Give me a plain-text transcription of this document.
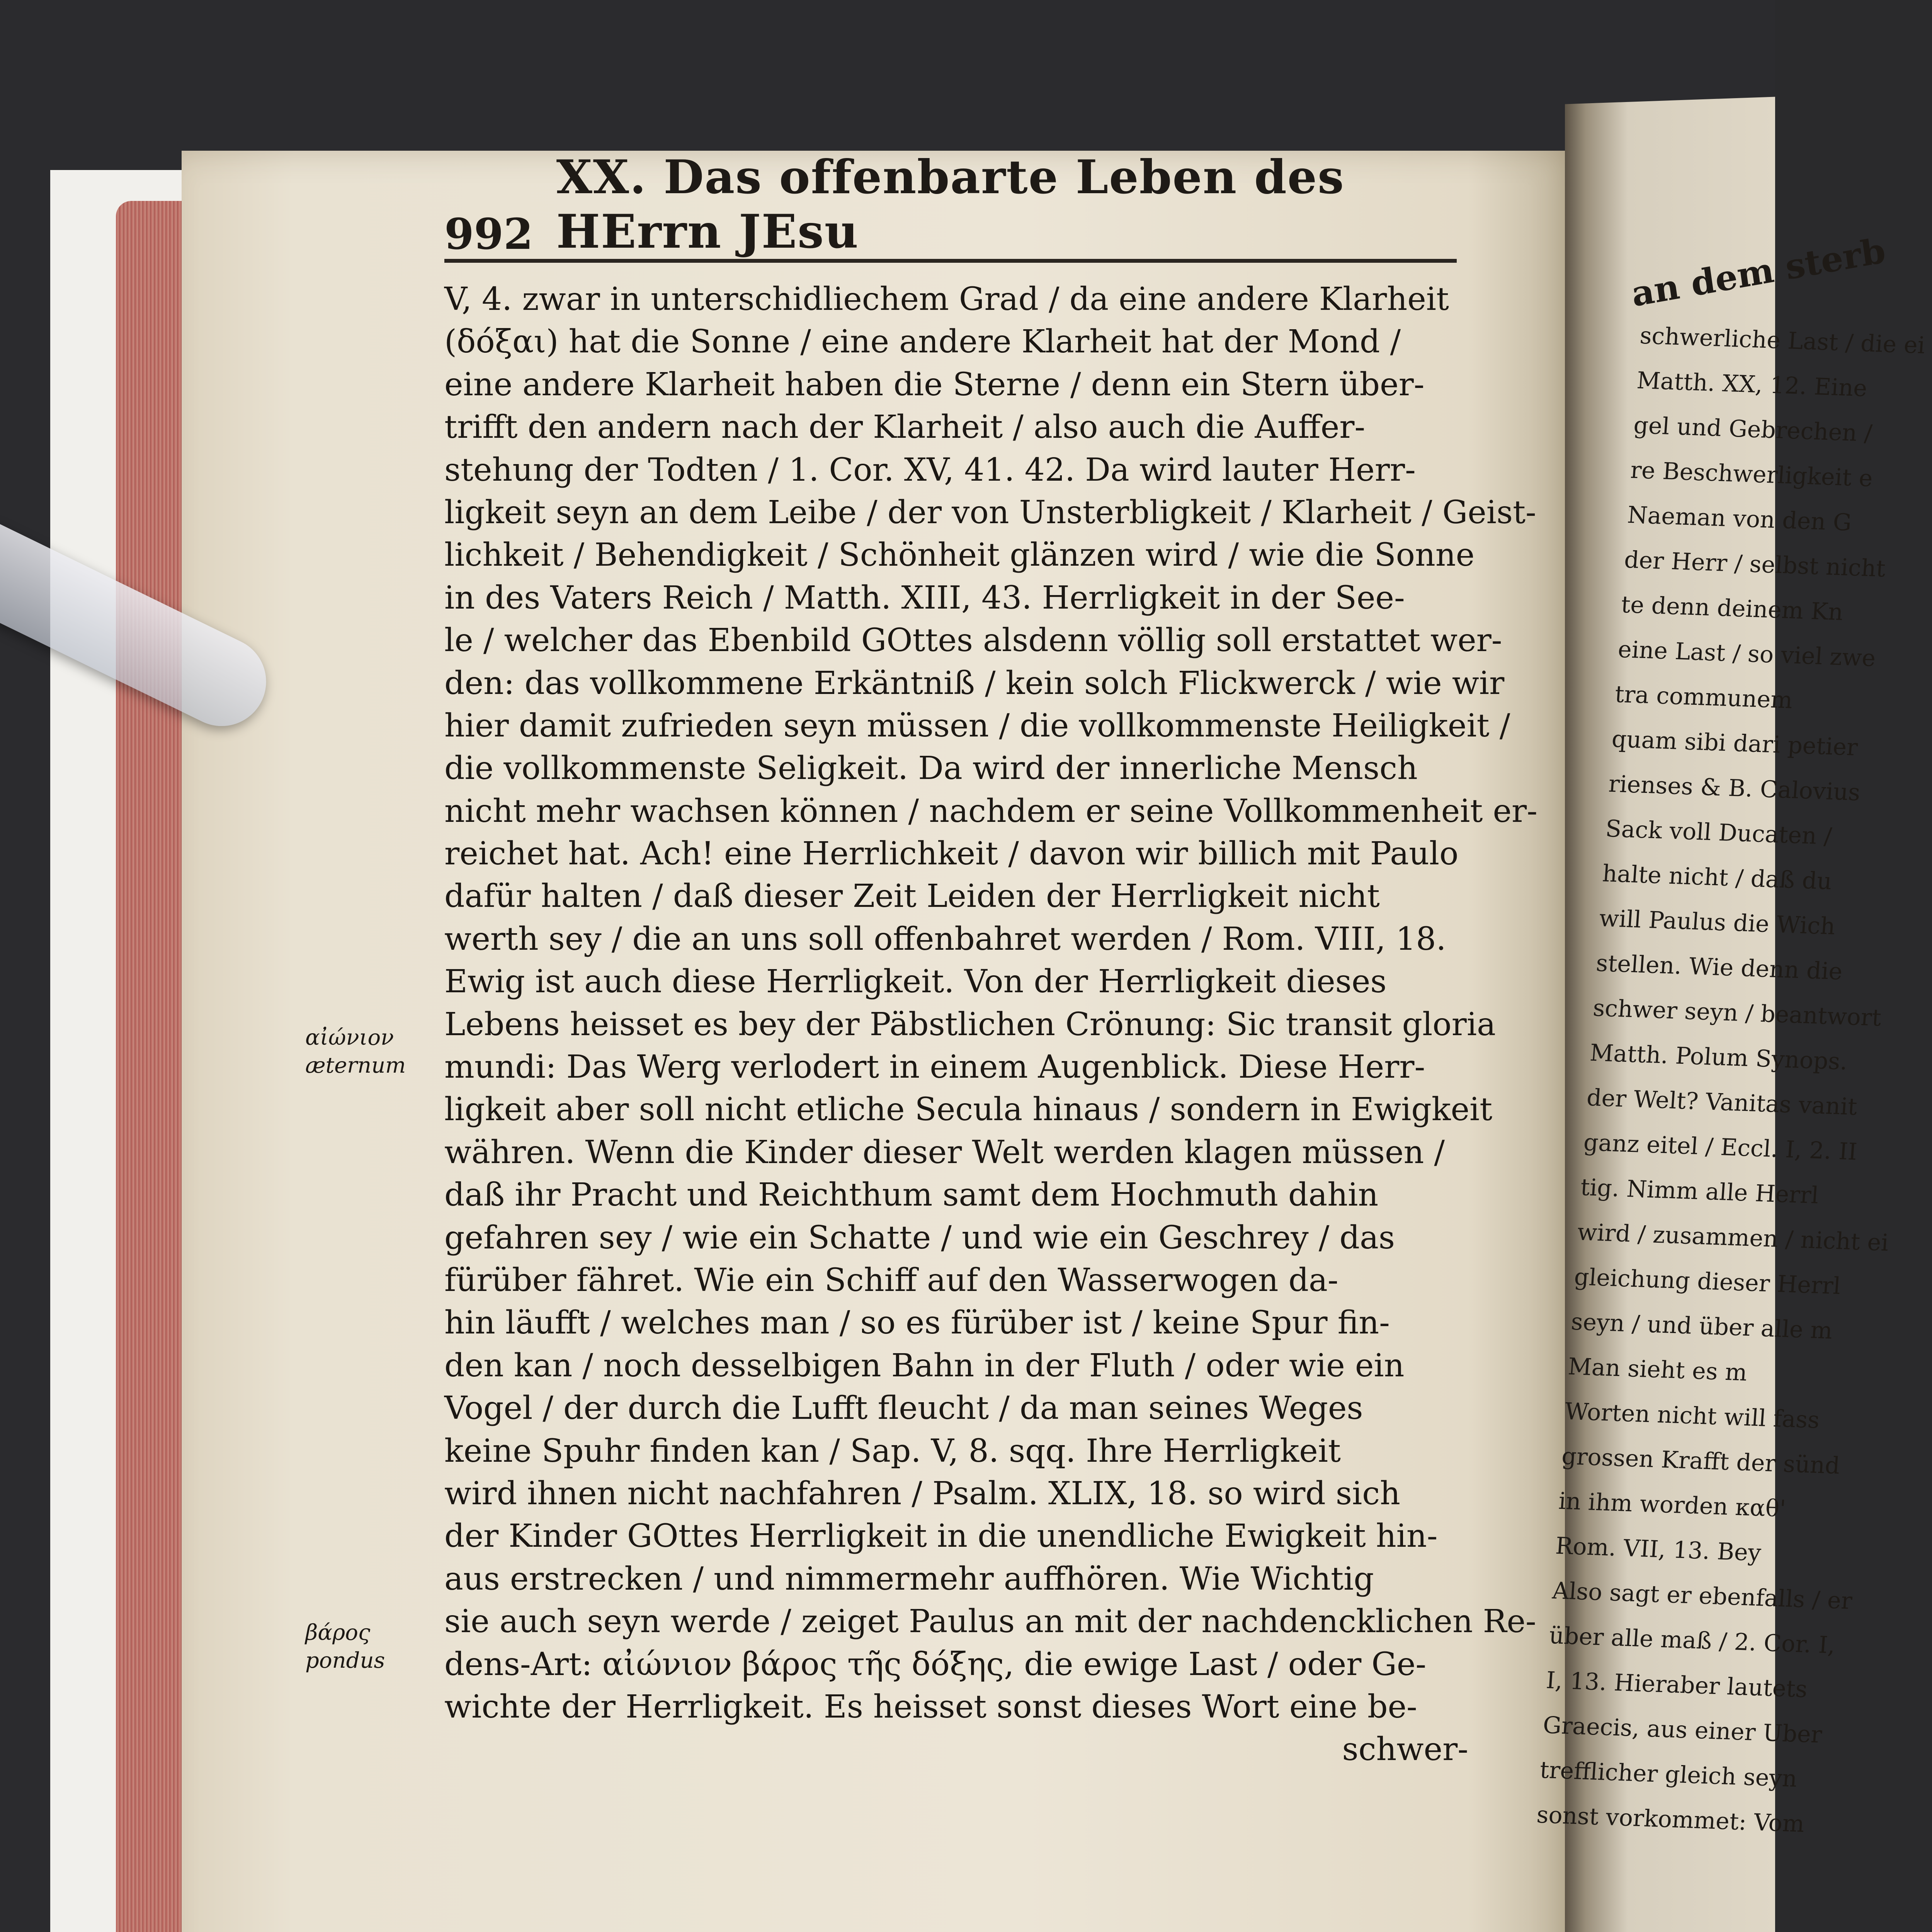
an dem sterb
schwerliche Last / die ei
Matth. XX, 12. Eine
gel und Gebrechen /
re Beschwerligkeit e
Naeman von den G
der Herr / selbst nicht
te denn deinem Kn
eine Last / so viel zwe
tra communem
quam sibi dari petier
rienses & B. Calovius
Sack voll Ducaten /
halte nicht / daß du
will Paulus die Wich
stellen. Wie denn die
schwer seyn / beantwort
Matth. Polum Synops.
der Welt? Vanitas vanit
ganz eitel / Eccl. I, 2. II
tig. Nimm alle Herrl
wird / zusammen / nicht ei
gleichung dieser Herrl
seyn / und über alle m
Man sieht es m
Worten nicht will fass
grossen Krafft der sünd
in ihm worden καθ'
Rom. VII, 13. Bey
Also sagt er ebenfalls / er
über alle maß / 2. Cor. I,
I, 13. Hieraber lautets
Graecis, aus einer Uber
trefflicher gleich seyn
sonst vorkommet: Vom
992
XX. Das offenbarte Leben des HErrn JEsu
V, 4. zwar in unterschidliechem Grad / da eine andere Klarheit
(δόξαι) hat die Sonne / eine andere Klarheit hat der Mond /
eine andere Klarheit haben die Sterne / denn ein Stern über-
trifft den andern nach der Klarheit / also auch die Auffer-
stehung der Todten / 1. Cor. XV, 41. 42. Da wird lauter Herr-
ligkeit seyn an dem Leibe / der von Unsterbligkeit / Klarheit / Geist-
lichkeit / Behendigkeit / Schönheit glänzen wird / wie die Sonne
in des Vaters Reich / Matth. XIII, 43. Herrligkeit in der See-
le / welcher das Ebenbild GOttes alsdenn völlig soll erstattet wer-
den: das vollkommene Erkäntniß / kein solch Flickwerck / wie wir
hier damit zufrieden seyn müssen / die vollkommenste Heiligkeit /
die vollkommenste Seligkeit. Da wird der innerliche Mensch
nicht mehr wachsen können / nachdem er seine Vollkommenheit er-
reichet hat. Ach! eine Herrlichkeit / davon wir billich mit Paulo
dafür halten / daß dieser Zeit Leiden der Herrligkeit nicht
werth sey / die an uns soll offenbahret werden / Rom. VIII, 18.
Ewig ist auch diese Herrligkeit. Von der Herrligkeit dieses
Lebens heisset es bey der Päbstlichen Crönung: Sic transit gloria
mundi: Das Werg verlodert in einem Augenblick. Diese Herr-
ligkeit aber soll nicht etliche Secula hinaus / sondern in Ewigkeit
währen. Wenn die Kinder dieser Welt werden klagen müssen /
daß ihr Pracht und Reichthum samt dem Hochmuth dahin
gefahren sey / wie ein Schatte / und wie ein Geschrey / das
fürüber fähret. Wie ein Schiff auf den Wasserwogen da-
hin läufft / welches man / so es fürüber ist / keine Spur fin-
den kan / noch desselbigen Bahn in der Fluth / oder wie ein
Vogel / der durch die Lufft fleucht / da man seines Weges
keine Spuhr finden kan / Sap. V, 8. sqq. Ihre Herrligkeit
wird ihnen nicht nachfahren / Psalm. XLIX, 18. so wird sich
der Kinder GOttes Herrligkeit in die unendliche Ewigkeit hin-
aus erstrecken / und nimmermehr auffhören. Wie Wichtig
sie auch seyn werde / zeiget Paulus an mit der nachdencklichen Re-
dens-Art: αἰώνιον βάρος τῆς δόξης, die ewige Last / oder Ge-
wichte der Herrligkeit. Es heisset sonst dieses Wort eine be-
schwer-
αἰώνιον
æternum
βάρος
pondus
